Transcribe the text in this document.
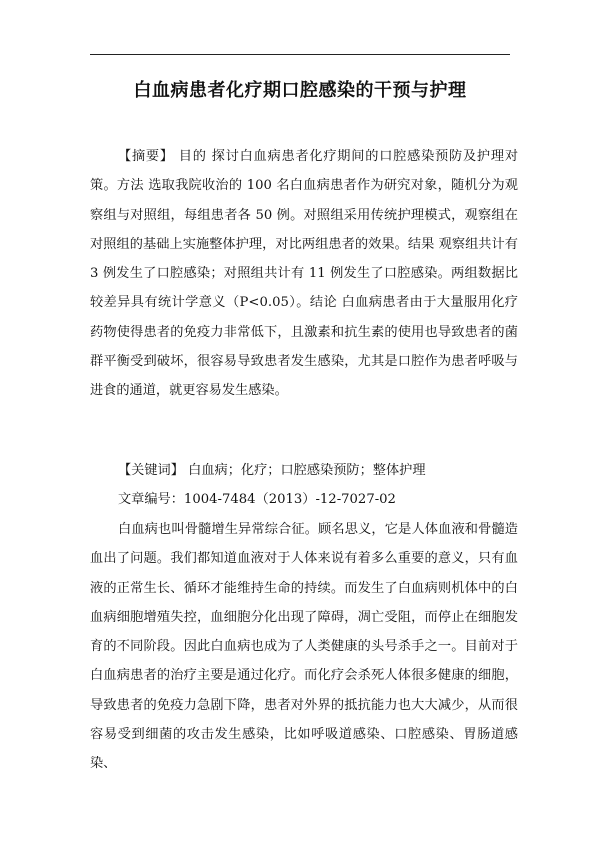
白血病患者化疗期口腔感染的干预与护理
【摘要】 目的 探讨白血病患者化疗期间的口腔感染预防及护理对策。方法 选取我院收治的 100 名白血病患者作为研究对象，随机分为观察组与对照组，每组患者各 50 例。对照组采用传统护理模式，观察组在对照组的基础上实施整体护理，对比两组患者的效果。结果 观察组共计有 3 例发生了口腔感染；对照组共计有 11 例发生了口腔感染。两组数据比较差异具有统计学意义（P<0.05）。结论 白血病患者由于大量服用化疗药物使得患者的免疫力非常低下，且激素和抗生素的使用也导致患者的菌群平衡受到破坏，很容易导致患者发生感染，尤其是口腔作为患者呼吸与进食的通道，就更容易发生感染。
【关键词】 白血病；化疗；口腔感染预防；整体护理
文章编号：1004-7484（2013）-12-7027-02
白血病也叫骨髓增生异常综合征。顾名思义，它是人体血液和骨髓造血出了问题。我们都知道血液对于人体来说有着多么重要的意义，只有血液的正常生长、循环才能维持生命的持续。而发生了白血病则机体中的白血病细胞增殖失控，血细胞分化出现了障碍，凋亡受阻，而停止在细胞发育的不同阶段。因此白血病也成为了人类健康的头号杀手之一。目前对于白血病患者的治疗主要是通过化疗。而化疗会杀死人体很多健康的细胞，导致患者的免疫力急剧下降，患者对外界的抵抗能力也大大减少，从而很容易受到细菌的攻击发生感染，比如呼吸道感染、口腔感染、胃肠道感染、
